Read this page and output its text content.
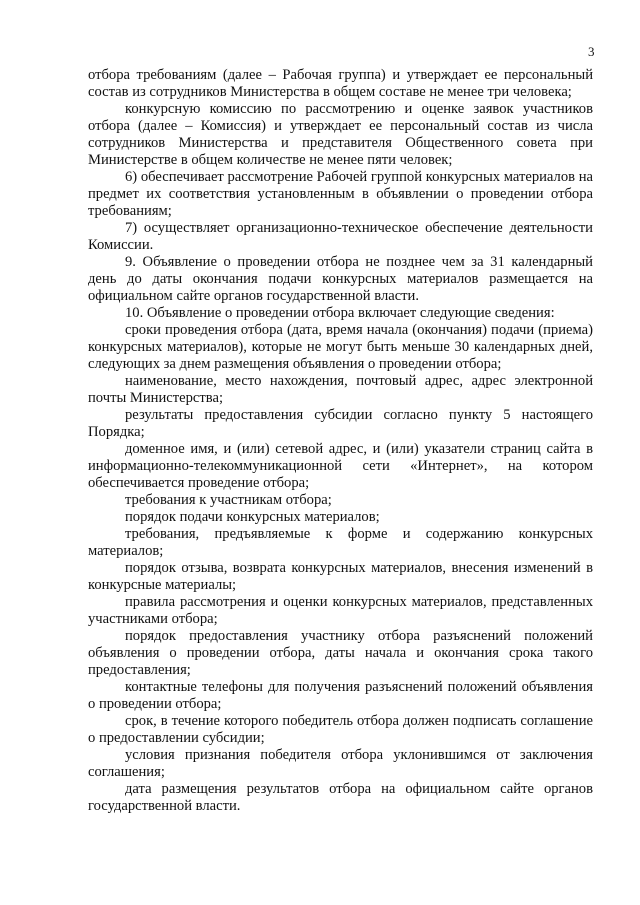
3

отбора требованиям (далее – Рабочая группа) и утверждает ее персональный состав из сотрудников Министерства в общем составе не менее три человека;

конкурсную комиссию по рассмотрению и оценке заявок участников отбора (далее – Комиссия) и утверждает ее персональный состав из числа сотрудников Министерства и представителя Общественного совета при Министерстве в общем количестве не менее пяти человек;

6) обеспечивает рассмотрение Рабочей группой конкурсных материалов на предмет их соответствия установленным в объявлении о проведении отбора требованиям;

7) осуществляет организационно-техническое обеспечение деятельности Комиссии.

9. Объявление о проведении отбора не позднее чем за 31 календарный день до даты окончания подачи конкурсных материалов размещается на официальном сайте органов государственной власти.

10. Объявление о проведении отбора включает следующие сведения:

сроки проведения отбора (дата, время начала (окончания) подачи (приема) конкурсных материалов), которые не могут быть меньше 30 календарных дней, следующих за днем размещения объявления о проведении отбора;

наименование, место нахождения, почтовый адрес, адрес электронной почты Министерства;

результаты предоставления субсидии согласно пункту 5 настоящего Порядка;

доменное имя, и (или) сетевой адрес, и (или) указатели страниц сайта в информационно-телекоммуникационной сети «Интернет», на котором обеспечивается проведение отбора;

требования к участникам отбора;

порядок подачи конкурсных материалов;

требования, предъявляемые к форме и содержанию конкурсных материалов;

порядок отзыва, возврата конкурсных материалов, внесения изменений в конкурсные материалы;

правила рассмотрения и оценки конкурсных материалов, представленных участниками отбора;

порядок предоставления участнику отбора разъяснений положений объявления о проведении отбора, даты начала и окончания срока такого предоставления;

контактные телефоны для получения разъяснений положений объявления о проведении отбора;

срок, в течение которого победитель отбора должен подписать соглашение о предоставлении субсидии;

условия признания победителя отбора уклонившимся от заключения соглашения;

дата размещения результатов отбора на официальном сайте органов государственной власти.
